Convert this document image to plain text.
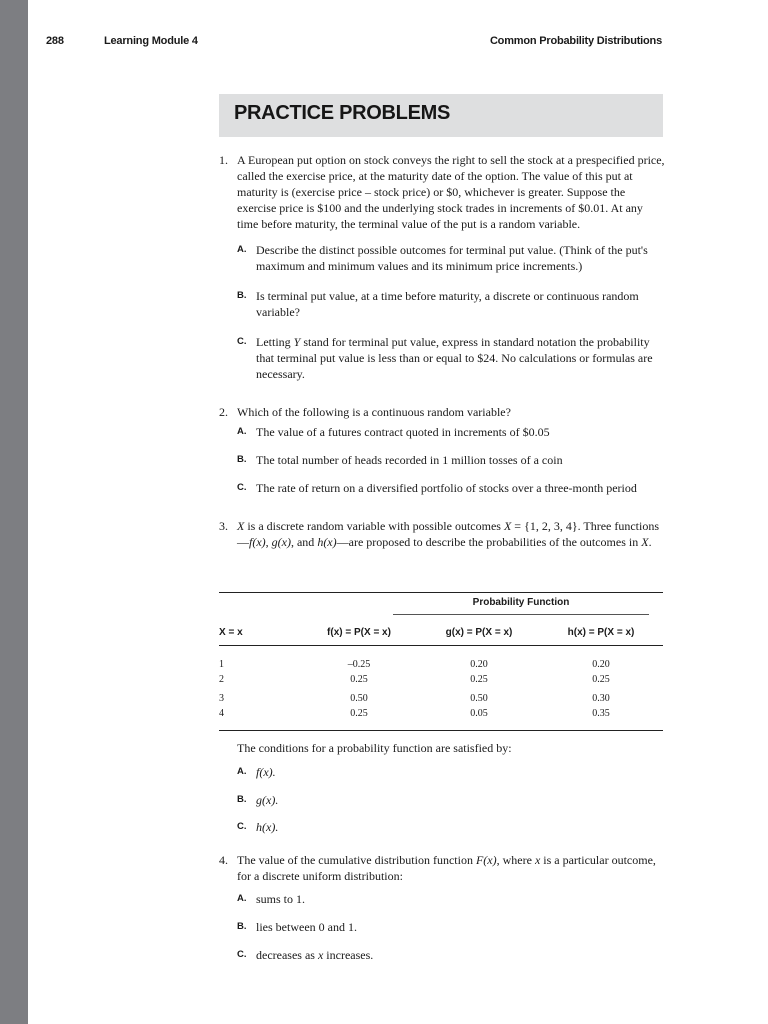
288	Learning Module 4	Common Probability Distributions
PRACTICE PROBLEMS
1. A European put option on stock conveys the right to sell the stock at a prespecified price, called the exercise price, at the maturity date of the option. The value of this put at maturity is (exercise price – stock price) or $0, whichever is greater. Suppose the exercise price is $100 and the underlying stock trades in increments of $0.01. At any time before maturity, the terminal value of the put is a random variable.
A. Describe the distinct possible outcomes for terminal put value. (Think of the put's maximum and minimum values and its minimum price increments.)
B. Is terminal put value, at a time before maturity, a discrete or continuous random variable?
C. Letting Y stand for terminal put value, express in standard notation the probability that terminal put value is less than or equal to $24. No calculations or formulas are necessary.
2. Which of the following is a continuous random variable?
A. The value of a futures contract quoted in increments of $0.05
B. The total number of heads recorded in 1 million tosses of a coin
C. The rate of return on a diversified portfolio of stocks over a three-month period
3. X is a discrete random variable with possible outcomes X = {1, 2, 3, 4}. Three functions—f(x), g(x), and h(x)—are proposed to describe the probabilities of the outcomes in X.
Probability Function			
X = x	f(x) = P(X = x)	g(x) = P(X = x)	h(x) = P(X = x)
1	–0.25	0.20	0.20
2	0.25	0.25	0.25
3	0.50	0.50	0.30
4	0.25	0.05	0.35
The conditions for a probability function are satisfied by:
A. f(x).
B. g(x).
C. h(x).
4. The value of the cumulative distribution function F(x), where x is a particular outcome, for a discrete uniform distribution:
A. sums to 1.
B. lies between 0 and 1.
C. decreases as x increases.
